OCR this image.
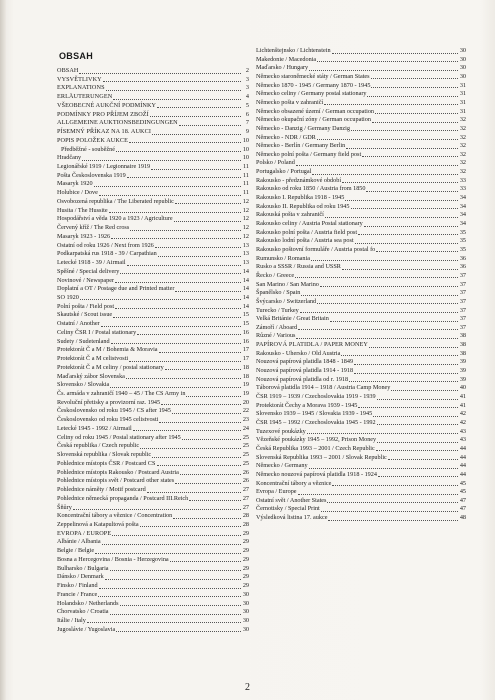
OBSAH
OBSAH	2
VYSVĚTLIVKY	3
EXPLANATIONS	3
ERLÄUTERUNGEN	4
VŠEOBECNÉ AUKČNÍ PODMÍNKY	5
PODMÍNKY PRO PŘÍJEM ZBOŽÍ	6
ALLGEMEINE AUKTIONSBEDINGUNGEN	7
PÍSEMNÝ PŘÍKAZ NA 18. AUKCI	9
POPIS POLOŽEK AUKCE	10
Předběžné - souběžné	10
Hradčany	10
Legionářské 1919 / Legionnaire 1919	11
Pošta Československa 1919	11
Masaryk 1920	11
Holubice / Dove	11
Osvobozená republika / The Liberated republic	12
Husita / The Hussite	12
Hospodářství a věda 1920 a 1923 / Agriculture	12
Červený kříž / The Red cross	12
Masaryk 1923 - 1926	12
Ostatní od roku 1926 / Next from 1926	13
Podkarpatská rus 1918 - 39 / Carpathian	13
Letecké 1918 - 39 / Airmail	13
Spěšné / Special delivery	14
Novinové / Newspaper	14
Doplatní a OT / Postage due and Printed matter	14
SO 1920	14
Polní pošta / Field post	14
Skautské / Scout issue	15
Ostatní / Another	15
Celiny ČSR I / Postal stationary	16
Sudety / Sudetenland	16
Protektorát Č a M / Bohemia & Moravia	17
Protektorát Č a M celistvosti	17
Protektorát Č a M celiny / postal stationary	18
Maďarský zábor Slovenska	18
Slovensko / Slovakia	19
Čs. armáda v zahraničí 1940 – 45 / The CS Army in	19
Revoluční přetisky a provizorní raz. 1945	20
Československo od roku 1945 / CS after 1945	22
Československo od roku 1945 celistvosti	23
Letecké 1945 - 1992 / Airmail	24
Celiny od roku 1945 / Postal stationary after 1945	25
Česká republika / Czech republic	25
Slovenská republika / Slovak republic	25
Pohlednice místopis ČSR / Postcard CS	25
Pohlednice místopis Rakousko / Postcard Austria	26
Pohlednice místopis svět / Postcard other states	26
Pohlednice náměty / Motif postcard	27
Pohlednice německá propaganda / Postcard III.Reich	27
Šňůry	27
Koncentrační tábory a věznice / Concentration	28
Zeppelinová a Katapultová pošta	28
EVROPA / EUROPE	29
Albánie / Albania	29
Belgie / Belgie	29
Bosna a Hercegovina / Bosnia - Herzegovina	29
Bulharsko / Bulgaria	29
Dánsko / Denmark	29
Finsko / Finland	29
Francie / France	30
Holandsko / Netherlands	30
Chorvatsko / Croatia	30
Itálie / Italy	30
Jugoslávie / Yugoslavia	30
Lichtenštejnsko / Lichtenstein	30
Makedonie / Macedonia	30
Maďarsko / Hungary	30
Německo staroněmecké státy / German States	30
Německo 1870 - 1945 / Germany 1870 - 1945	31
Německo celiny / Germany postal stationary	31
Německo pošta v zahraničí	31
Německo obsazené území / German occupation	31
Německo okupační zóny / German occupation	32
Německo - Danzig / Germany Danzig	32
Německo - NDR / GDR	32
Německo - Berlín / Germany Berlin	32
Německo polní pošta / Germany field post	32
Polsko / Poland	32
Portugalsko / Portugal	32
Rakousko - předznámkové období	33
Rakousko od roku 1850 / Austria from 1850	33
Rakousko I. Republika 1918 - 1945	34
Rakousko II. Republika od roku 1945	34
Rakouská pošta v zahraničí	34
Rakousko celiny / Austria Postal stationary	34
Rakousko polní pošta / Austria field post	35
Rakousko lodní pošta / Austria sea post	35
Rakousko poštovní formuláře / Austria postal fo	35
Rumunsko / Romania	36
Rusko a SSSR / Russia and USSR	36
Řecko / Greece	37
San Marino / San Marino	37
Španělsko / Spain	37
Švýcarsko / Switzerland	37
Turecko / Turkey	37
Velká Británie / Great Britain	37
Zámoří / Aboard	37
Různé / Various	38
PAPÍROVÁ PLATIDLA / PAPER MONEY	38
Rakousko - Uhersko / Old Austria	38
Nouzová papírová platidla 1848 - 1849	39
Nouzová papírová platidla 1914 - 1918	39
Nouzová papírová platidla od r. 1918	39
Táborová platidla 1914 – 1918 / Austria Camp Money	40
ČSR 1919 – 1939 / Czechoslovakia 1919 - 1939	41
Protektorát Čechy a Morava 1939 - 1945	41
Slovensko 1939 – 1945 / Slovakia 1939 - 1945	42
ČSR 1945 – 1992 / Czechoslovakia 1945 - 1992	42
Tuzexové poukázky	43
Vězeňské poukázky 1945 – 1992, Prison Money	43
Česká Republika 1993 – 2001 / Czech Republic	44
Slovenská Republika 1993 – 2001 / Slovak Republic	44
Německo / Germany	44
Německo nouzová papírová platidla 1918 - 1924	44
Koncentrační tábory a věznice	45
Evropa / Europe	45
Ostatní svět / Another States	47
Černotisky / Special Print	47
Výsledková listina 17. aukce	48
2
